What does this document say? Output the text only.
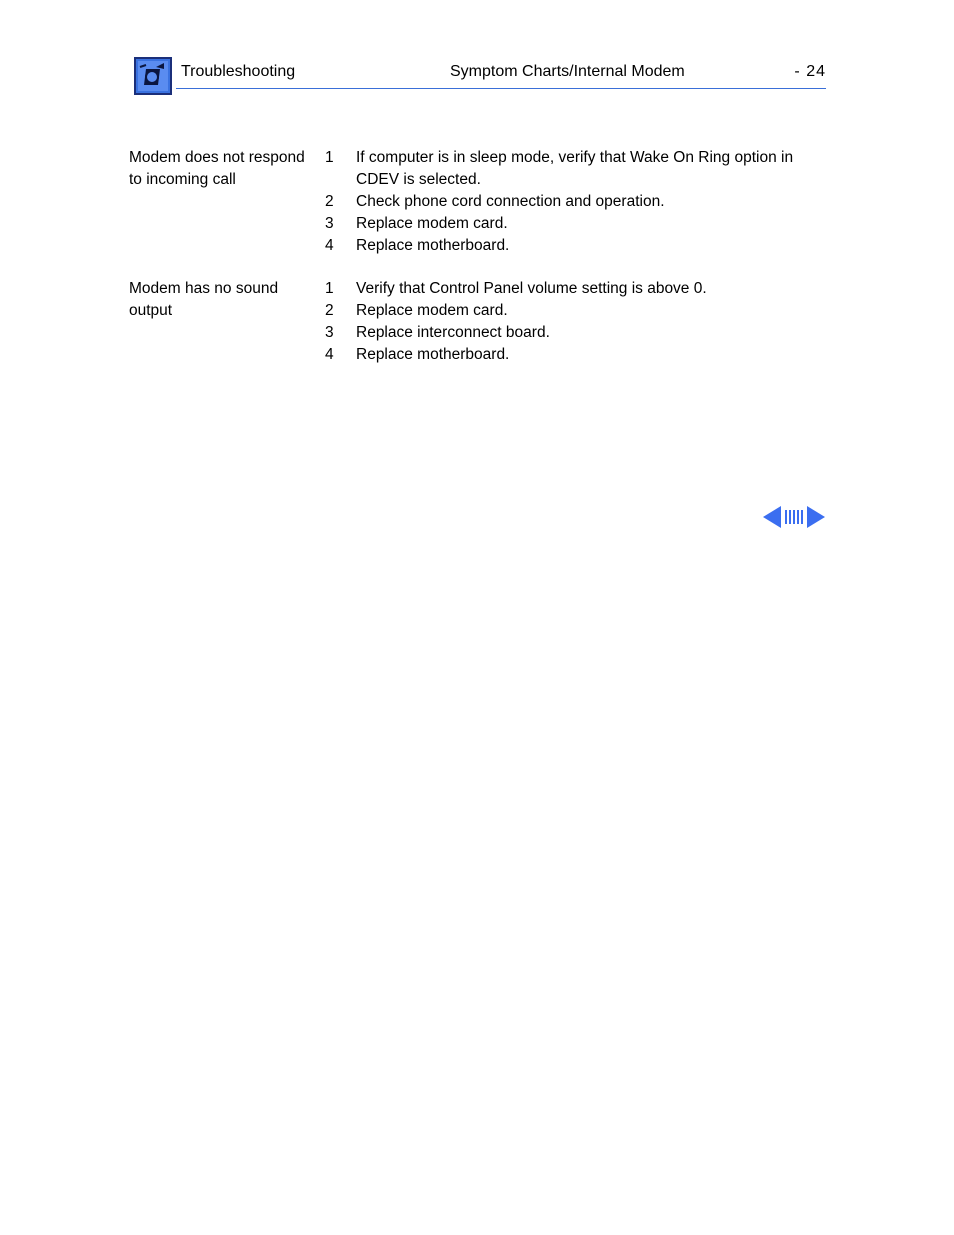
Troubleshooting	Symptom Charts/Internal Modem	- 24
Modem does not respond to incoming call
1	If computer is in sleep mode, verify that Wake On Ring option in CDEV is selected.
2	Check phone cord connection and operation.
3	Replace modem card.
4	Replace motherboard.
Modem has no sound output
1	Verify that Control Panel volume setting is above 0.
2	Replace modem card.
3	Replace interconnect board.
4	Replace motherboard.
